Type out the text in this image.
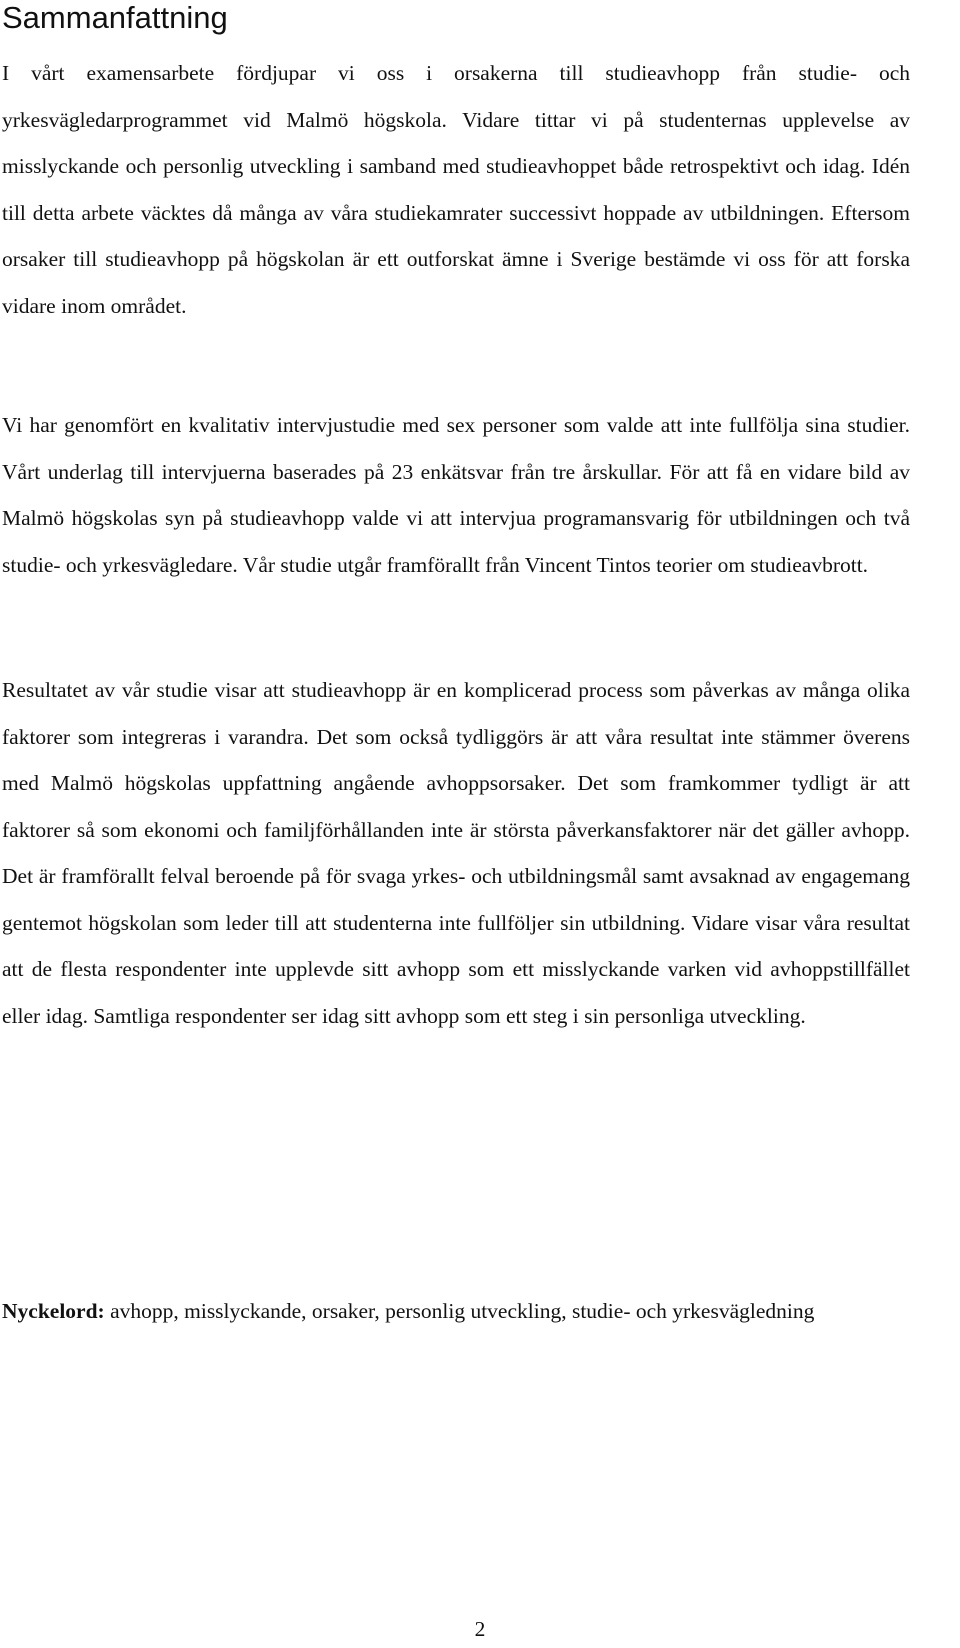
Sammanfattning

I vårt examensarbete fördjupar vi oss i orsakerna till studieavhopp från studie- och yrkesvägledarprogrammet vid Malmö högskola. Vidare tittar vi på studenternas upplevelse av misslyckande och personlig utveckling i samband med studieavhoppet både retrospektivt och idag. Idén till detta arbete väcktes då många av våra studiekamrater successivt hoppade av utbildningen. Eftersom orsaker till studieavhopp på högskolan är ett outforskat ämne i Sverige bestämde vi oss för att forska vidare inom området.

Vi har genomfört en kvalitativ intervjustudie med sex personer som valde att inte fullfölja sina studier. Vårt underlag till intervjuerna baserades på 23 enkätsvar från tre årskullar. För att få en vidare bild av Malmö högskolas syn på studieavhopp valde vi att intervjua programansvarig för utbildningen och två studie- och yrkesvägledare. Vår studie utgår framförallt från Vincent Tintos teorier om studieavbrott.

Resultatet av vår studie visar att studieavhopp är en komplicerad process som påverkas av många olika faktorer som integreras i varandra. Det som också tydliggörs är att våra resultat inte stämmer överens med Malmö högskolas uppfattning angående avhoppsorsaker. Det som framkommer tydligt är att faktorer så som ekonomi och familjförhållanden inte är största påverkansfaktorer när det gäller avhopp. Det är framförallt felval beroende på för svaga yrkes- och utbildningsmål samt avsaknad av engagemang gentemot högskolan som leder till att studenterna inte fullföljer sin utbildning. Vidare visar våra resultat att de flesta respondenter inte upplevde sitt avhopp som ett misslyckande varken vid avhoppstillfället eller idag. Samtliga respondenter ser idag sitt avhopp som ett steg i sin personliga utveckling.

Nyckelord: avhopp, misslyckande, orsaker, personlig utveckling, studie- och yrkesvägledning

2
